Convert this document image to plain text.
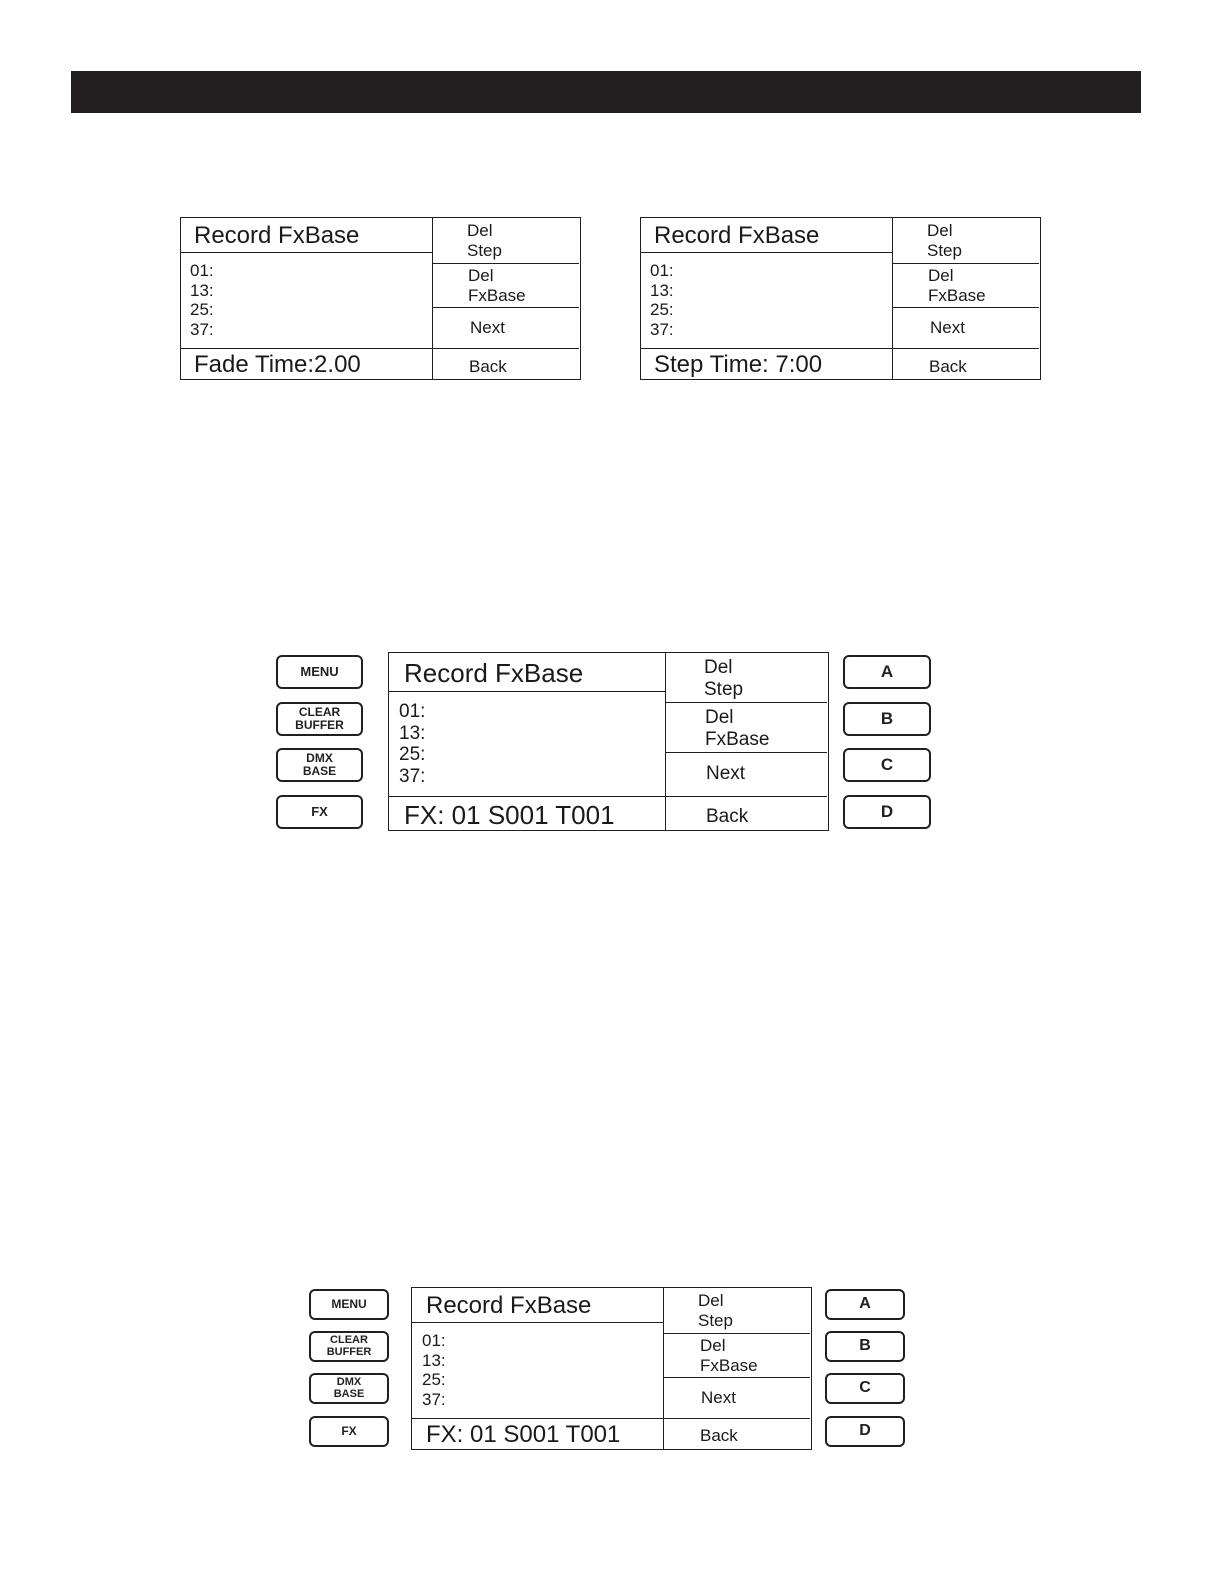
Record FxBase
01:
13:
25:
37:
Fade Time:2.00
Del
Step
Del
FxBase
Next
Back
Record FxBase
01:
13:
25:
37:
Step Time: 7:00
Del
Step
Del
FxBase
Next
Back
MENU
CLEAR
BUFFER
DMX
BASE
FX
Record FxBase
01:
13:
25:
37:
FX: 01 S001 T001
Del
Step
Del
FxBase
Next
Back
A
B
C
D
MENU
CLEAR
BUFFER
DMX
BASE
FX
Record FxBase
01:
13:
25:
37:
FX: 01 S001 T001
Del
Step
Del
FxBase
Next
Back
A
B
C
D
